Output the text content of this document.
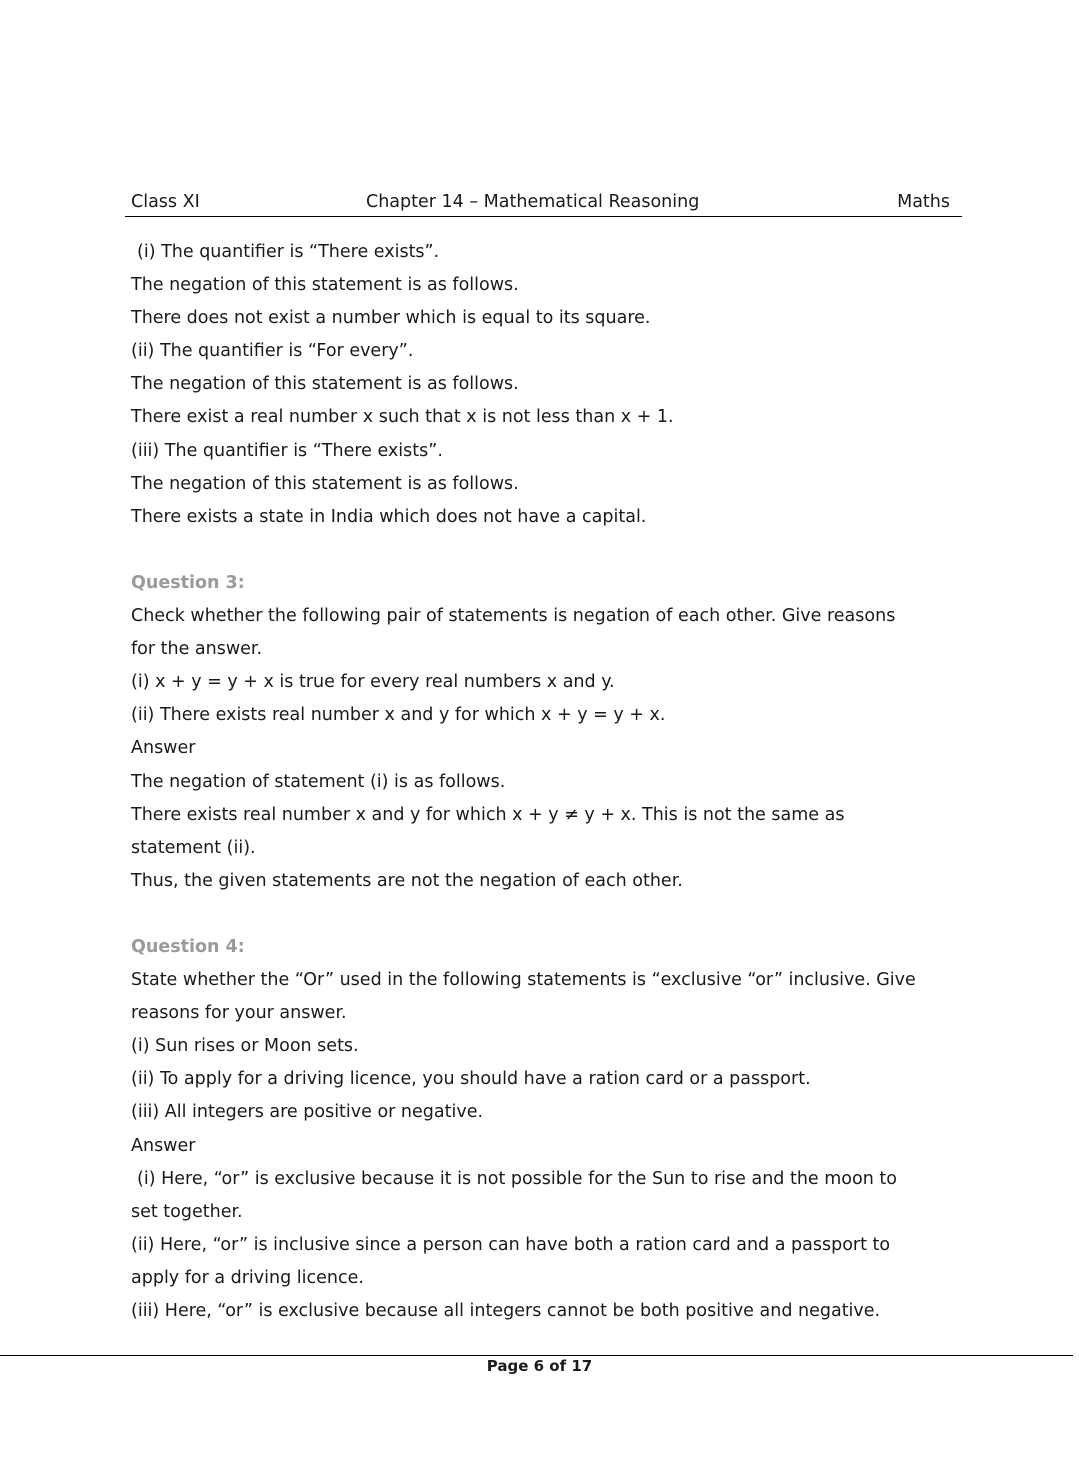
Class XI	Chapter 14 – Mathematical Reasoning	Maths
(i) The quantifier is “There exists”.
The negation of this statement is as follows.
There does not exist a number which is equal to its square.
(ii) The quantifier is “For every”.
The negation of this statement is as follows.
There exist a real number x such that x is not less than x + 1.
(iii) The quantifier is “There exists”.
The negation of this statement is as follows.
There exists a state in India which does not have a capital.
Question 3:
Check whether the following pair of statements is negation of each other. Give reasons
for the answer.
(i) x + y = y + x is true for every real numbers x and y.
(ii) There exists real number x and y for which x + y = y + x.
Answer
The negation of statement (i) is as follows.
There exists real number x and y for which x + y ≠ y + x. This is not the same as
statement (ii).
Thus, the given statements are not the negation of each other.
Question 4:
State whether the “Or” used in the following statements is “exclusive “or” inclusive. Give
reasons for your answer.
(i) Sun rises or Moon sets.
(ii) To apply for a driving licence, you should have a ration card or a passport.
(iii) All integers are positive or negative.
Answer
(i) Here, “or” is exclusive because it is not possible for the Sun to rise and the moon to
set together.
(ii) Here, “or” is inclusive since a person can have both a ration card and a passport to
apply for a driving licence.
(iii) Here, “or” is exclusive because all integers cannot be both positive and negative.
Page 6 of 17
